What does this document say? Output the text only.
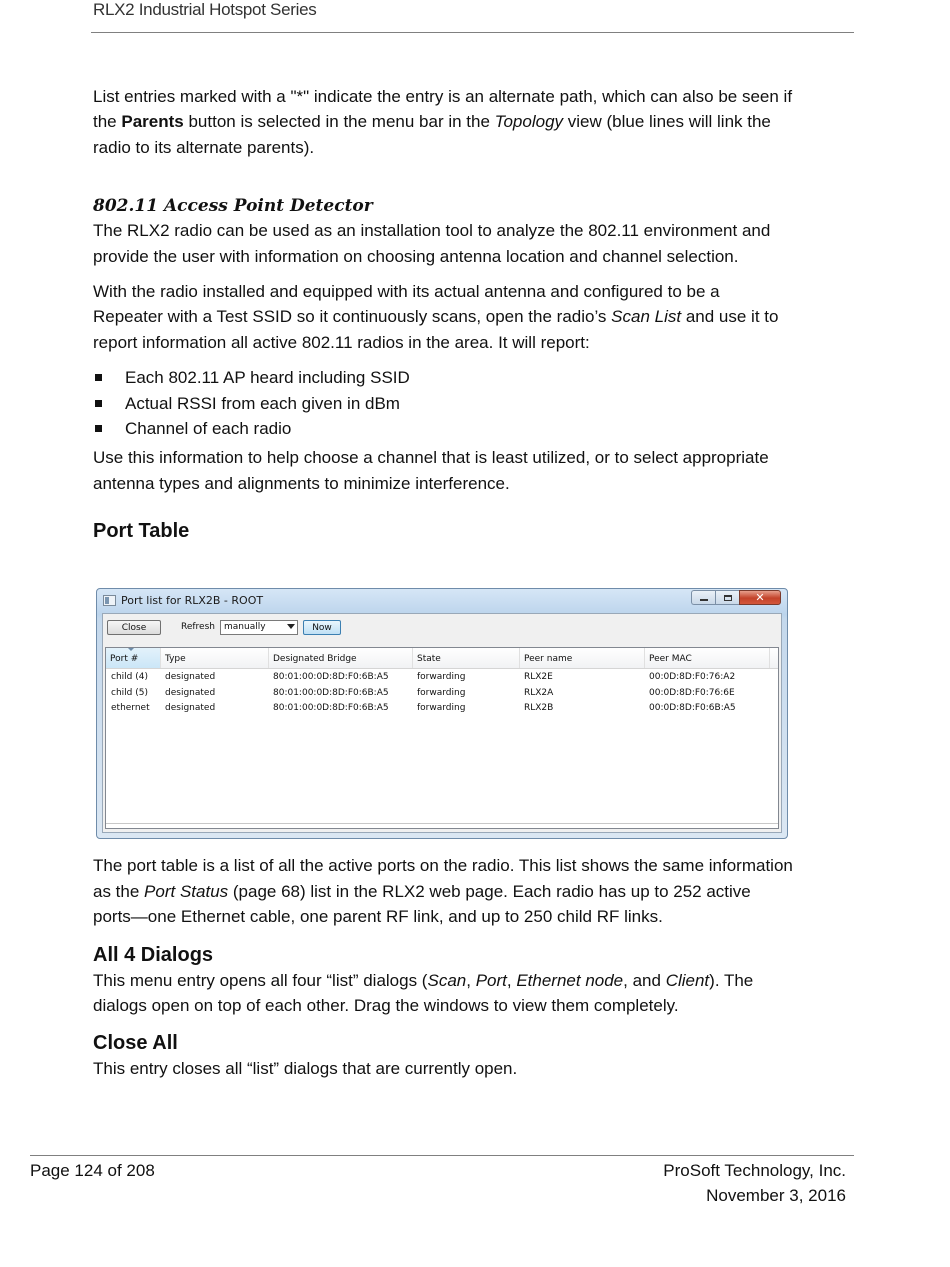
RLX2 Industrial Hotspot Series

List entries marked with a "*" indicate the entry is an alternate path, which can also be seen if the Parents button is selected in the menu bar in the Topology view (blue lines will link the radio to its alternate parents).

802.11 Access Point Detector

The RLX2 radio can be used as an installation tool to analyze the 802.11 environment and provide the user with information on choosing antenna location and channel selection.

With the radio installed and equipped with its actual antenna and configured to be a Repeater with a Test SSID so it continuously scans, open the radio’s Scan List and use it to report information all active 802.11 radios in the area. It will report:

Each 802.11 AP heard including SSID
Actual RSSI from each given in dBm
Channel of each radio

Use this information to help choose a channel that is least utilized, or to select appropriate antenna types and alignments to minimize interference.

Port Table

The port table is a list of all the active ports on the radio. This list shows the same information as the Port Status (page 68) list in the RLX2 web page. Each radio has up to 252 active ports—one Ethernet cable, one parent RF link, and up to 250 child RF links.

All 4 Dialogs

This menu entry opens all four “list” dialogs (Scan, Port, Ethernet node, and Client). The dialogs open on top of each other. Drag the windows to view them completely.

Close All

This entry closes all “list” dialogs that are currently open.

Port list for RLX2B - ROOT	✕
Close	Refresh manually	Now
Port #	Type	Designated Bridge	State	Peer name	Peer MAC
child (4)	designated	80:01:00:0D:8D:F0:6B:A5	forwarding	RLX2E	00:0D:8D:F0:76:A2
child (5)	designated	80:01:00:0D:8D:F0:6B:A5	forwarding	RLX2A	00:0D:8D:F0:76:6E
ethernet	designated	80:01:00:0D:8D:F0:6B:A5	forwarding	RLX2B	00:0D:8D:F0:6B:A5
Page 124 of 208	ProSoft Technology, Inc.
November 3, 2016
